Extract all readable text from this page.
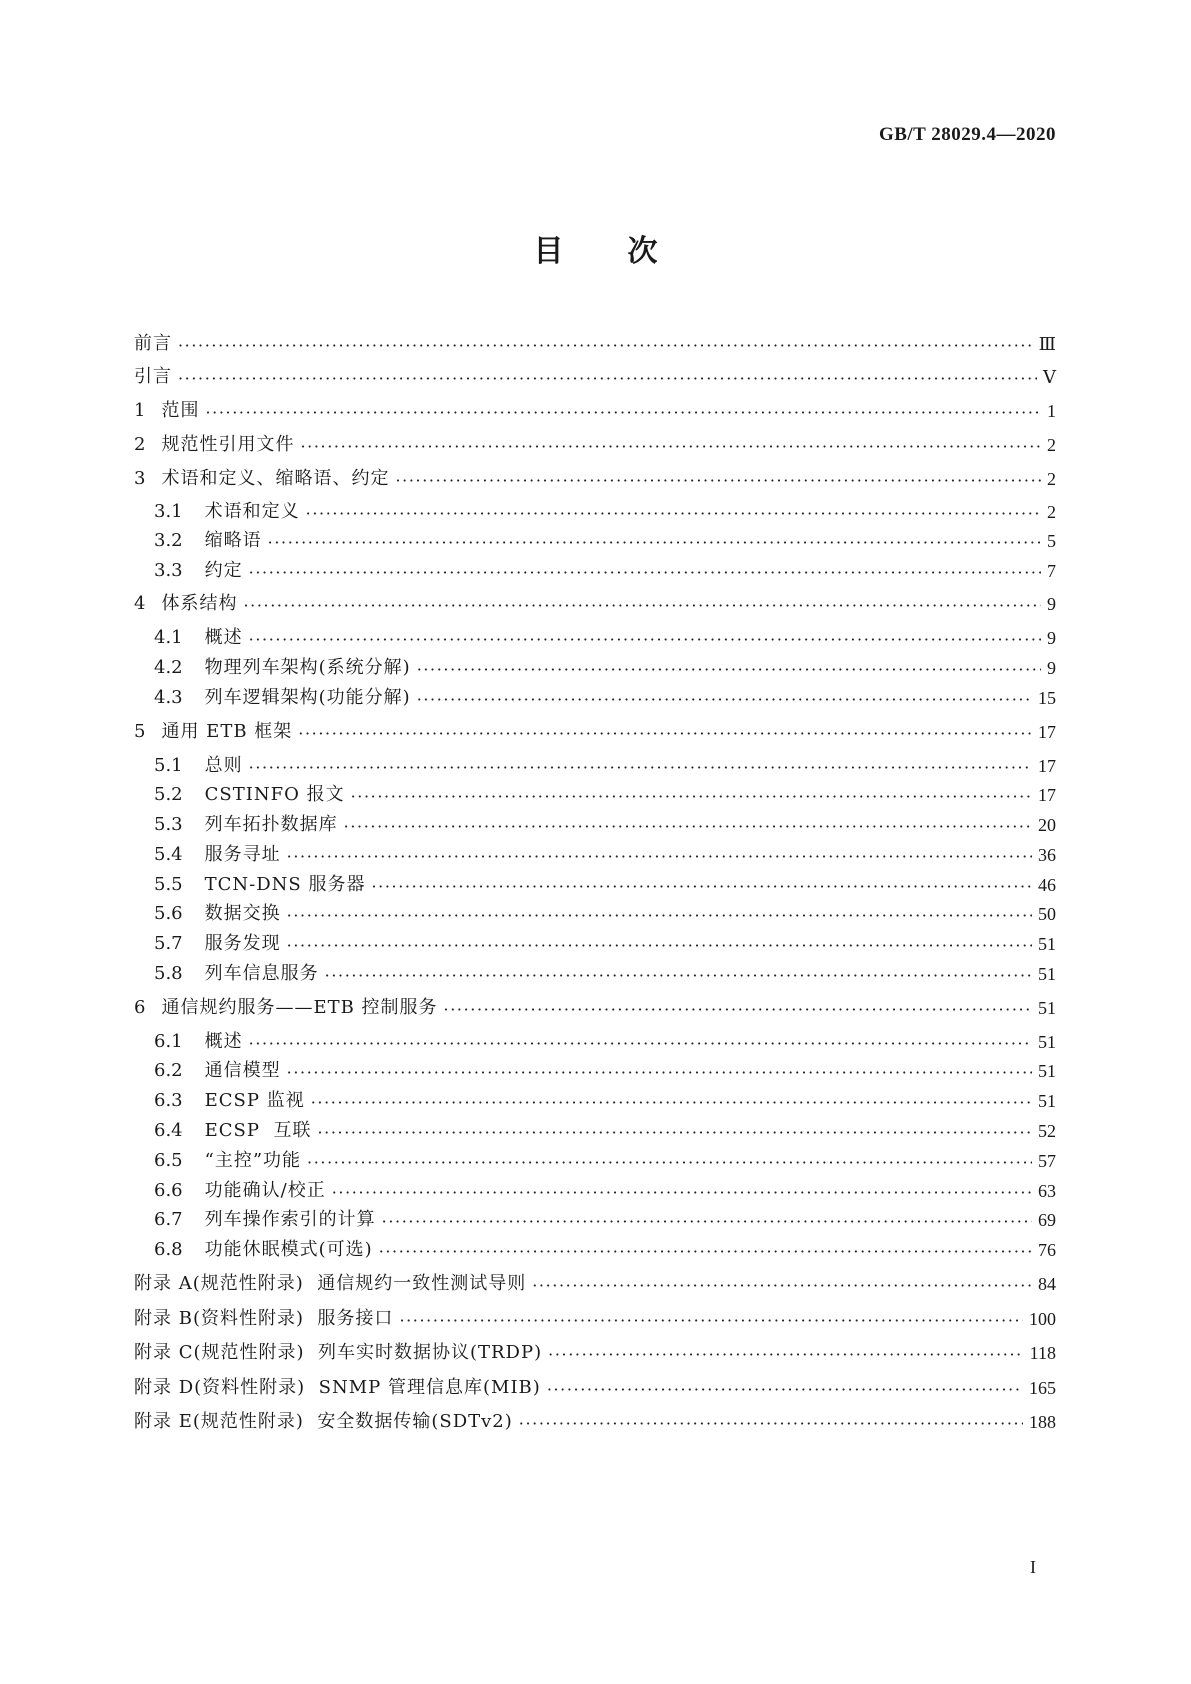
GB/T 28029.4—2020
目次
前言 ·····	Ⅲ
引言 ·····	Ⅴ
1 范围 ·····	1
2 规范性引用文件 ·····	2
3 术语和定义、缩略语、约定 ·····	2
3.1 术语和定义 ·····	2
3.2 缩略语 ·····	5
3.3 约定 ·····	7
4 体系结构 ·····	9
4.1 概述 ·····	9
4.2 物理列车架构(系统分解) ·····	9
4.3 列车逻辑架构(功能分解) ·····	15
5 通用 ETB 框架 ·····	17
5.1 总则 ·····	17
5.2 CSTINFO 报文 ·····	17
5.3 列车拓扑数据库 ·····	20
5.4 服务寻址 ·····	36
5.5 TCN-DNS 服务器 ·····	46
5.6 数据交换 ·····	50
5.7 服务发现 ·····	51
5.8 列车信息服务 ·····	51
6 通信规约服务——ETB 控制服务 ·····	51
6.1 概述 ·····	51
6.2 通信模型 ·····	51
6.3 ECSP 监视 ·····	51
6.4 ECSP  互联 ·····	52
6.5 “主控”功能 ·····	57
6.6 功能确认/校正 ·····	63
6.7 列车操作索引的计算 ·····	69
6.8 功能休眠模式(可选) ·····	76
附录 A(规范性附录)  通信规约一致性测试导则 ·····	84
附录 B(资料性附录)  服务接口 ·····	100
附录 C(规范性附录)  列车实时数据协议(TRDP) ·····	118
附录 D(资料性附录)  SNMP 管理信息库(MIB) ·····	165
附录 E(规范性附录)  安全数据传输(SDTv2) ·····	188
I
